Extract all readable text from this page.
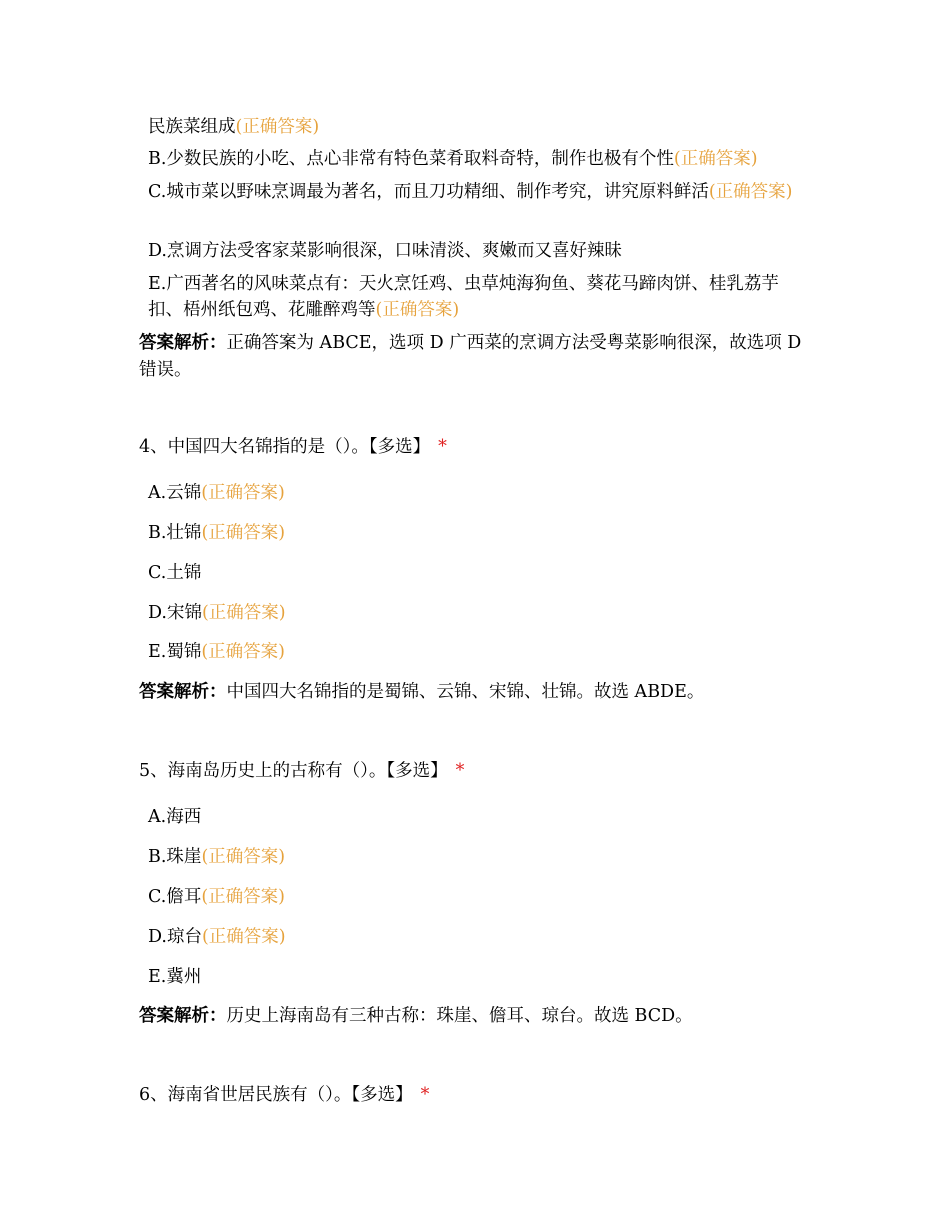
民族菜组成(正确答案)
B.少数民族的小吃、点心非常有特色菜肴取料奇特，制作也极有个性(正确答案)
C.城市菜以野味烹调最为著名，而且刀功精细、制作考究，讲究原料鲜活(正确答案)
D.烹调方法受客家菜影响很深，口味清淡、爽嫩而又喜好辣昧
E.广西著名的风味菜点有：天火烹饪鸡、虫草炖海狗鱼、葵花马蹄肉饼、桂乳荔芋扣、梧州纸包鸡、花雕醉鸡等(正确答案)
答案解析：正确答案为 ABCE，选项 D 广西菜的烹调方法受粤菜影响很深，故选项 D 错误。
4、中国四大名锦指的是（）。【多选】 *
A.云锦(正确答案)
B.壮锦(正确答案)
C.土锦
D.宋锦(正确答案)
E.蜀锦(正确答案)
答案解析：中国四大名锦指的是蜀锦、云锦、宋锦、壮锦。故选 ABDE。
5、海南岛历史上的古称有（）。【多选】 *
A.海西
B.珠崖(正确答案)
C.儋耳(正确答案)
D.琼台(正确答案)
E.冀州
答案解析：历史上海南岛有三种古称：珠崖、儋耳、琼台。故选 BCD。
6、海南省世居民族有（）。【多选】 *
